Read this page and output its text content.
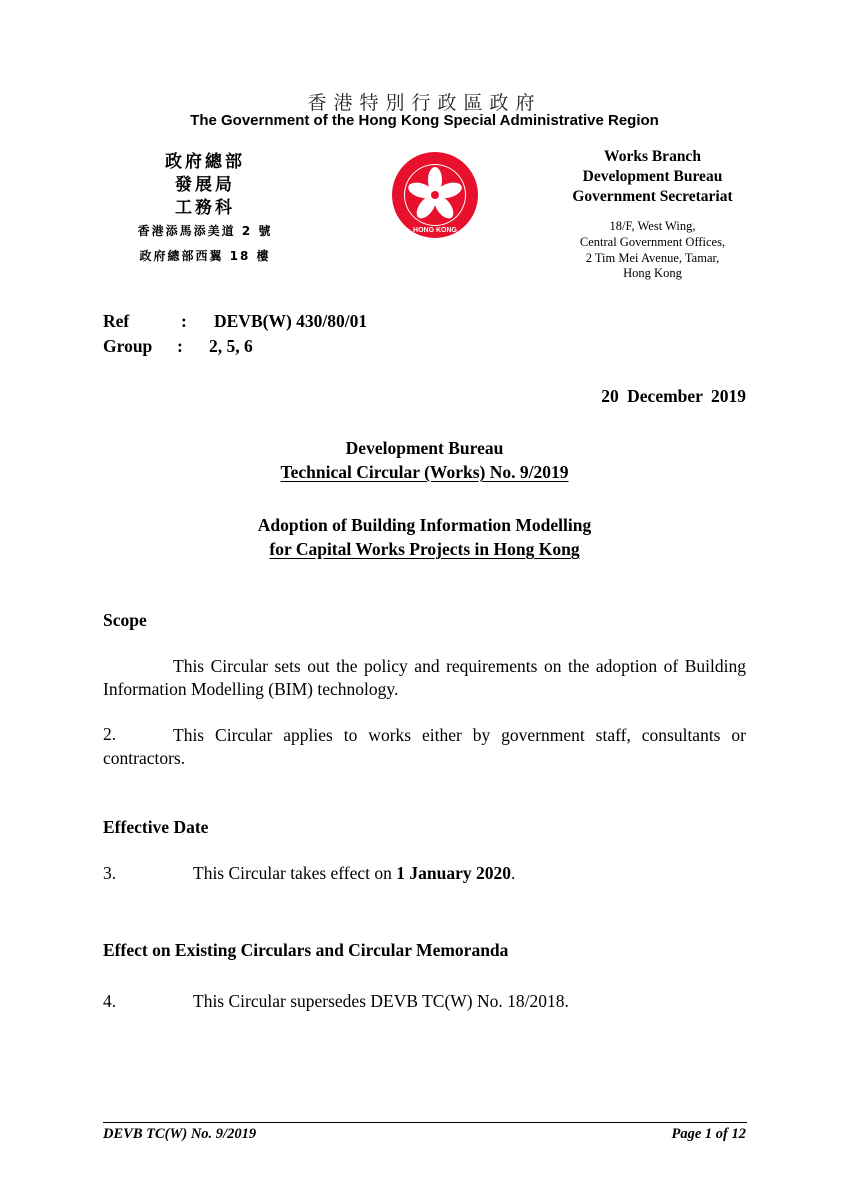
香港特別行政區政府
The Government of the Hong Kong Special Administrative Region
政府總部
發展局
工務科
香港添馬添美道 2 號
政府總部西翼 18 樓
HONG KONG
Works Branch
Development Bureau
Government Secretariat
18/F, West Wing,
Central Government Offices,
2 Tim Mei Avenue, Tamar,
Hong Kong
Ref	: DEVB(W) 430/80/01
Group : 2, 5, 6
20 December 2019
Development Bureau
Technical Circular (Works) No. 9/2019
Adoption of Building Information Modelling
for Capital Works Projects in Hong Kong
Scope
This Circular sets out the policy and requirements on the adoption of Building Information Modelling (BIM) technology.
2.	This Circular applies to works either by government staff, consultants or contractors.
Effective Date
3.	This Circular takes effect on 1 January 2020.
Effect on Existing Circulars and Circular Memoranda
4.	This Circular supersedes DEVB TC(W) No. 18/2018.
DEVB TC(W) No. 9/2019	Page 1 of 12
